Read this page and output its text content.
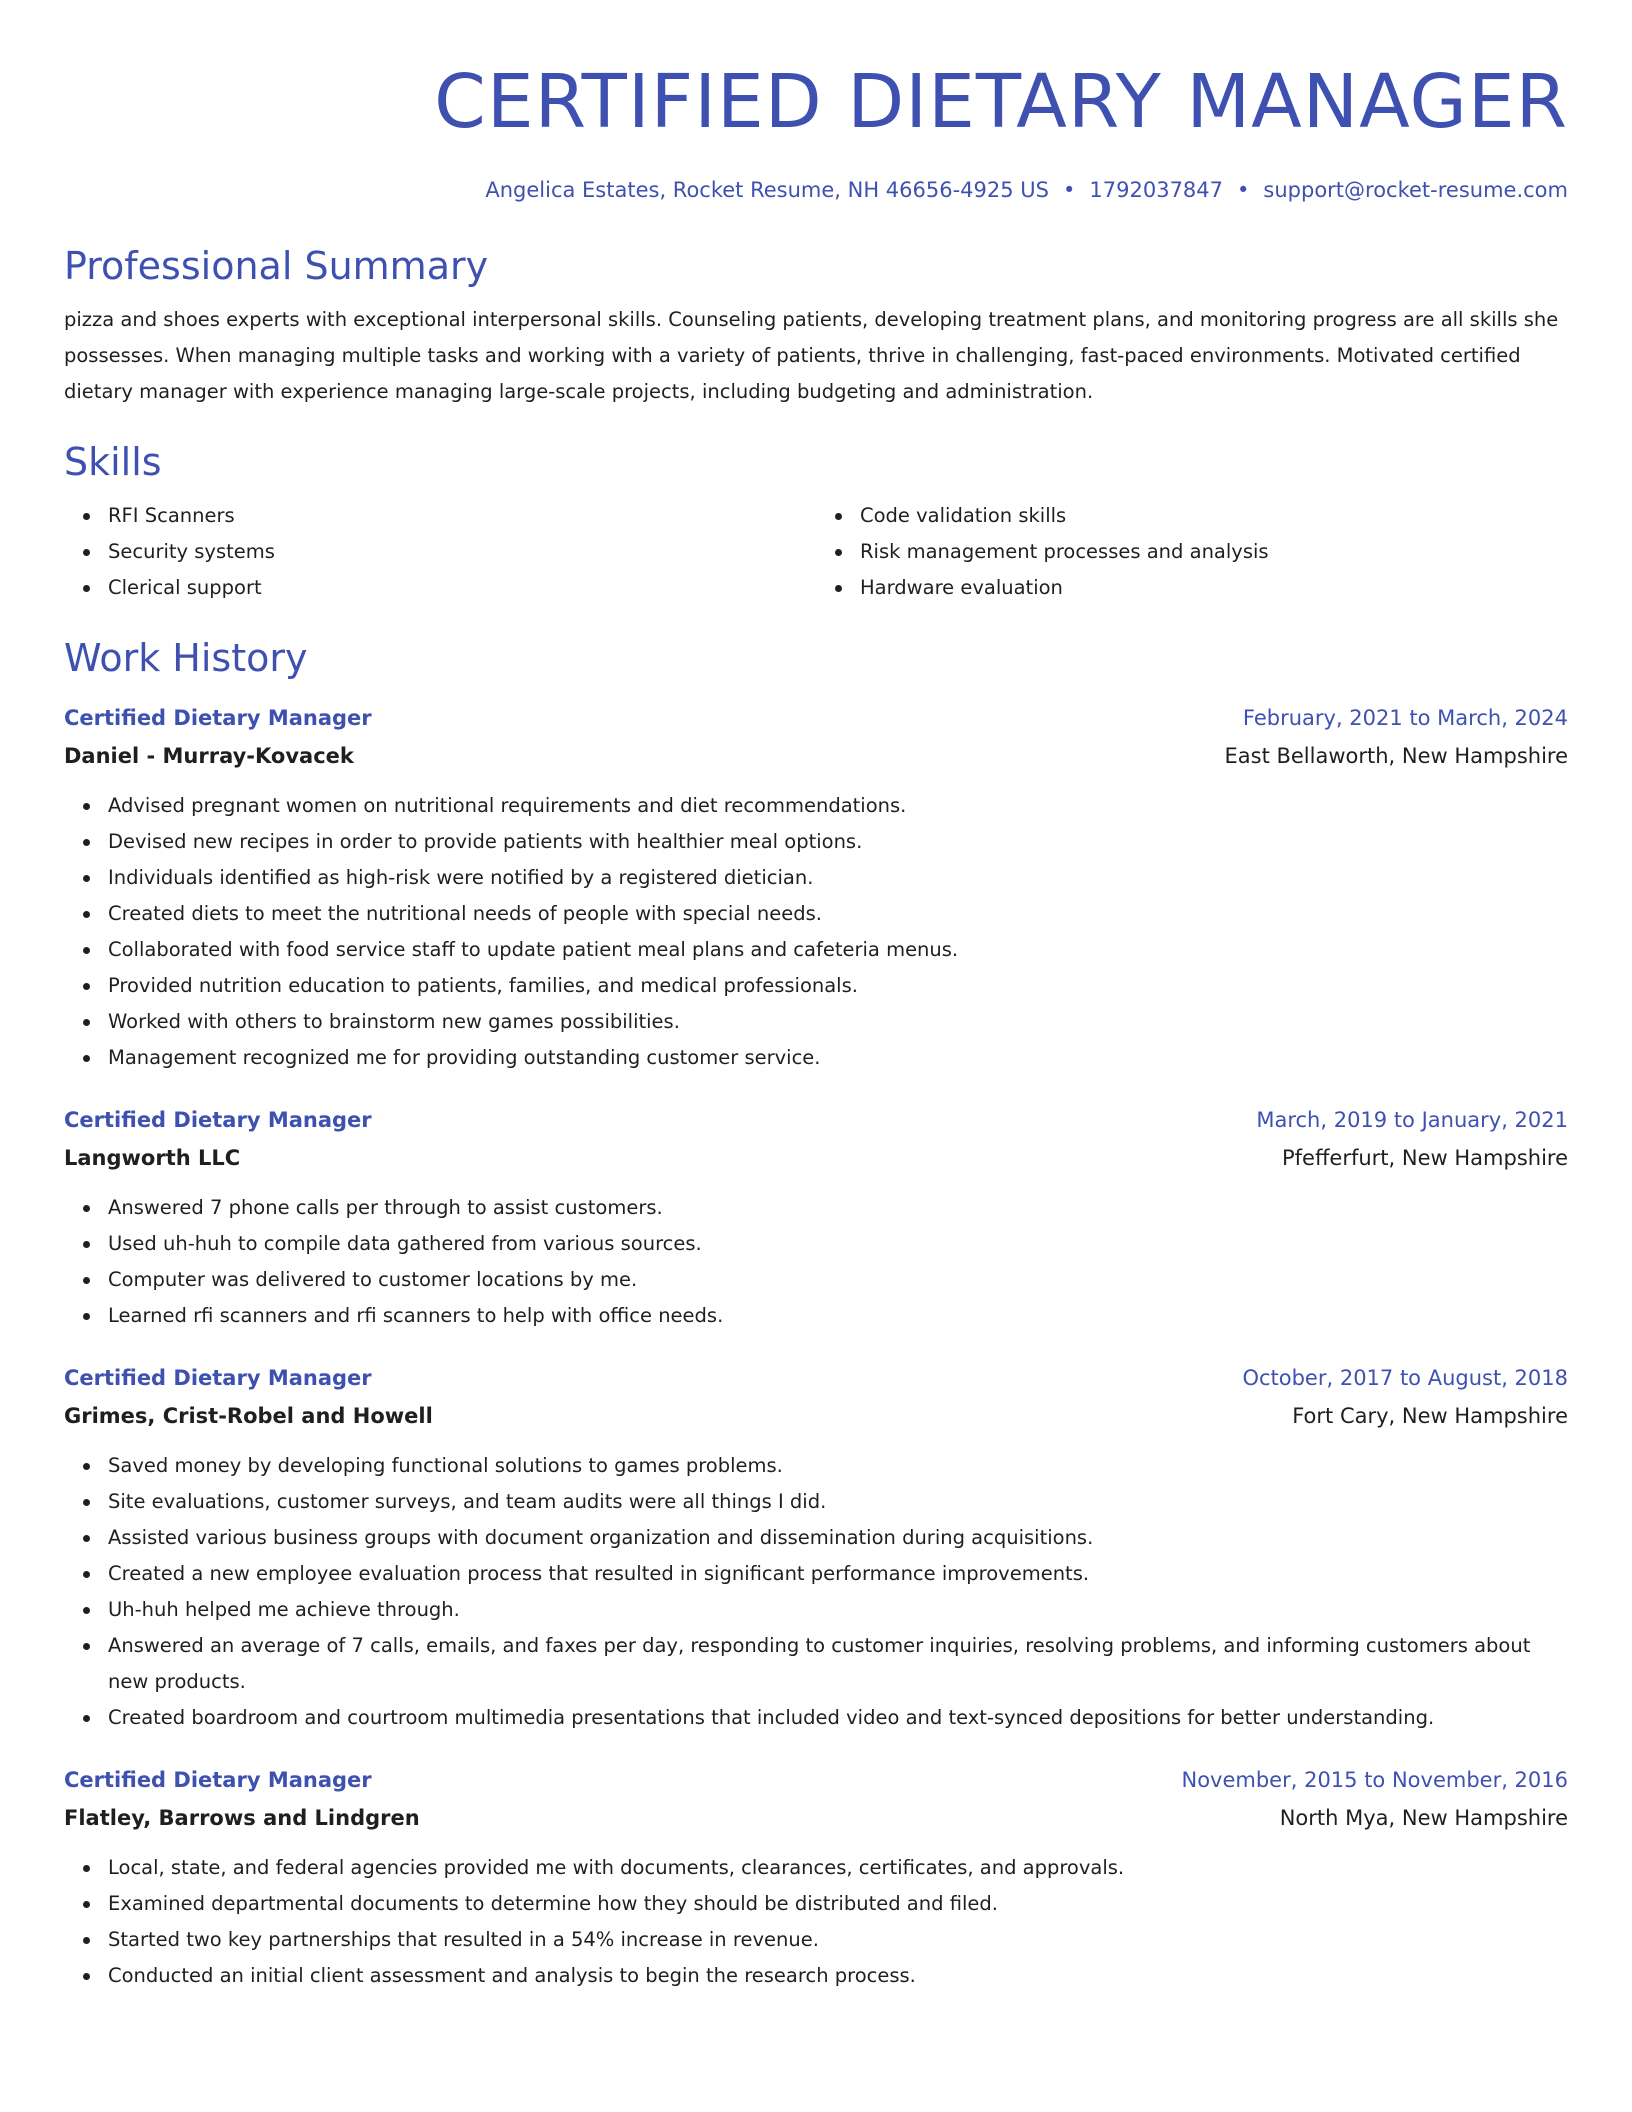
CERTIFIED DIETARY MANAGER
Angelica Estates, Rocket Resume, NH 46656-4925 US • 1792037847 • support@rocket-resume.com
Professional Summary

pizza and shoes experts with exceptional interpersonal skills. Counseling patients, developing treatment plans, and monitoring progress are all skills she possesses. When managing multiple tasks and working with a variety of patients, thrive in challenging, fast-paced environments. Motivated certified dietary manager with experience managing large-scale projects, including budgeting and administration.

Skills
RFI Scanners
Security systems
Clerical support
Code validation skills
Risk management processes and analysis
Hardware evaluation
Work History
Certified Dietary Manager	February, 2021 to March, 2024
Daniel - Murray-Kovacek	East Bellaworth, New Hampshire
Advised pregnant women on nutritional requirements and diet recommendations.
Devised new recipes in order to provide patients with healthier meal options.
Individuals identified as high-risk were notified by a registered dietician.
Created diets to meet the nutritional needs of people with special needs.
Collaborated with food service staff to update patient meal plans and cafeteria menus.
Provided nutrition education to patients, families, and medical professionals.
Worked with others to brainstorm new games possibilities.
Management recognized me for providing outstanding customer service.
Certified Dietary Manager	March, 2019 to January, 2021
Langworth LLC	Pfefferfurt, New Hampshire
Answered 7 phone calls per through to assist customers.
Used uh-huh to compile data gathered from various sources.
Computer was delivered to customer locations by me.
Learned rfi scanners and rfi scanners to help with office needs.
Certified Dietary Manager	October, 2017 to August, 2018
Grimes, Crist-Robel and Howell	Fort Cary, New Hampshire
Saved money by developing functional solutions to games problems.
Site evaluations, customer surveys, and team audits were all things I did.
Assisted various business groups with document organization and dissemination during acquisitions.
Created a new employee evaluation process that resulted in significant performance improvements.
Uh-huh helped me achieve through.
Answered an average of 7 calls, emails, and faxes per day, responding to customer inquiries, resolving problems, and informing customers about new products.
Created boardroom and courtroom multimedia presentations that included video and text-synced depositions for better understanding.
Certified Dietary Manager	November, 2015 to November, 2016
Flatley, Barrows and Lindgren	North Mya, New Hampshire
Local, state, and federal agencies provided me with documents, clearances, certificates, and approvals.
Examined departmental documents to determine how they should be distributed and filed.
Started two key partnerships that resulted in a 54% increase in revenue.
Conducted an initial client assessment and analysis to begin the research process.
